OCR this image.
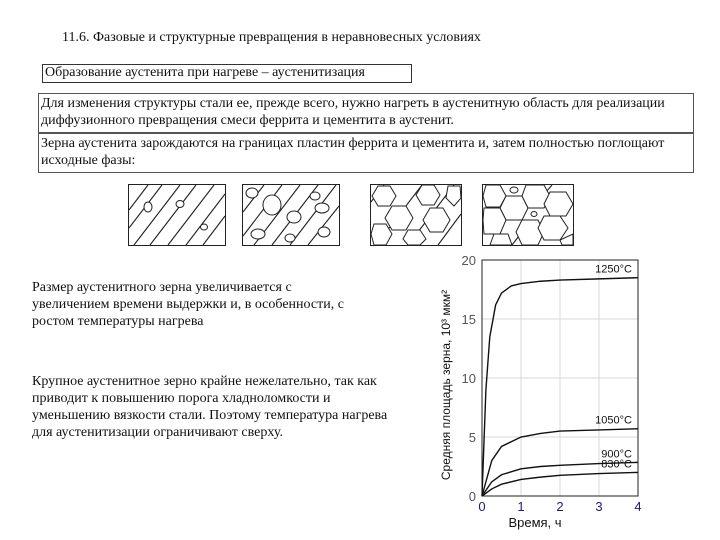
11.6. Фазовые и структурные превращения в неравновесных условиях
Образование аустенита при нагреве – аустенитизация
Для изменения структуры стали ее, прежде всего, нужно нагреть в аустенитную область для реализации диффузионного превращения смеси феррита и цементита в аустенит.
Зерна аустенита зарождаются на границах пластин феррита и цементита и, затем полностью поглощают исходные фазы:
Размер аустенитного зерна увеличивается с увеличением времени выдержки и, в особенности, с ростом температуры нагрева
Крупное аустенитное зерно крайне нежелательно, так как приводит к повышению порога хладноломкости и уменьшению вязкости стали. Поэтому температура нагрева для аустенитизации ограничивают сверху.
1250°C
1050°C
900°C
830°C
0 1 2 3 4
0
5
10
15
20
Время, ч
Средняя площадь зерна, 10³ мкм²
